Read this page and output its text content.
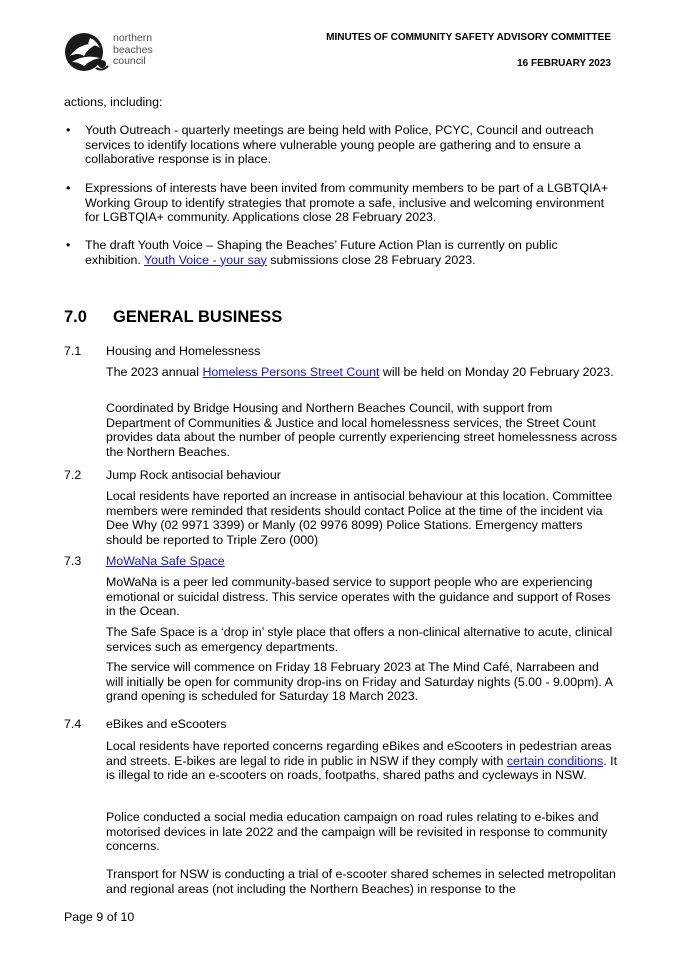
northern
beaches
council
MINUTES OF COMMUNITY SAFETY ADVISORY COMMITTEE
16 FEBRUARY 2023

actions, including:

• Youth Outreach - quarterly meetings are being held with Police, PCYC, Council and outreach services to identify locations where vulnerable young people are gathering and to ensure a collaborative response is in place.

• Expressions of interests have been invited from community members to be part of a LGBTQIA+ Working Group to identify strategies that promote a safe, inclusive and welcoming environment for LGBTQIA+ community. Applications close 28 February 2023.

• The draft Youth Voice – Shaping the Beaches’ Future Action Plan is currently on public exhibition. Youth Voice - your say submissions close 28 February 2023.

7.0 GENERAL BUSINESS
7.1 Housing and Homelessness

The 2023 annual Homeless Persons Street Count will be held on Monday 20 February 2023.

Coordinated by Bridge Housing and Northern Beaches Council, with support from Department of Communities & Justice and local homelessness services, the Street Count provides data about the number of people currently experiencing street homelessness across the Northern Beaches.

7.2 Jump Rock antisocial behaviour

Local residents have reported an increase in antisocial behaviour at this location. Committee members were reminded that residents should contact Police at the time of the incident via Dee Why (02 9971 3399) or Manly (02 9976 8099) Police Stations. Emergency matters should be reported to Triple Zero (000)

7.3 MoWaNa Safe Space

MoWaNa is a peer led community-based service to support people who are experiencing emotional or suicidal distress. This service operates with the guidance and support of Roses in the Ocean.

The Safe Space is a ‘drop in’ style place that offers a non-clinical alternative to acute, clinical services such as emergency departments.

The service will commence on Friday 18 February 2023 at The Mind Café, Narrabeen and will initially be open for community drop-ins on Friday and Saturday nights (5.00 - 9.00pm). A grand opening is scheduled for Saturday 18 March 2023.

7.4 eBikes and eScooters

Local residents have reported concerns regarding eBikes and eScooters in pedestrian areas and streets. E-bikes are legal to ride in public in NSW if they comply with certain conditions. It is illegal to ride an e-scooters on roads, footpaths, shared paths and cycleways in NSW.

Police conducted a social media education campaign on road rules relating to e-bikes and motorised devices in late 2022 and the campaign will be revisited in response to community concerns.

Transport for NSW is conducting a trial of e-scooter shared schemes in selected metropolitan and regional areas (not including the Northern Beaches) in response to the

Page 9 of 10
